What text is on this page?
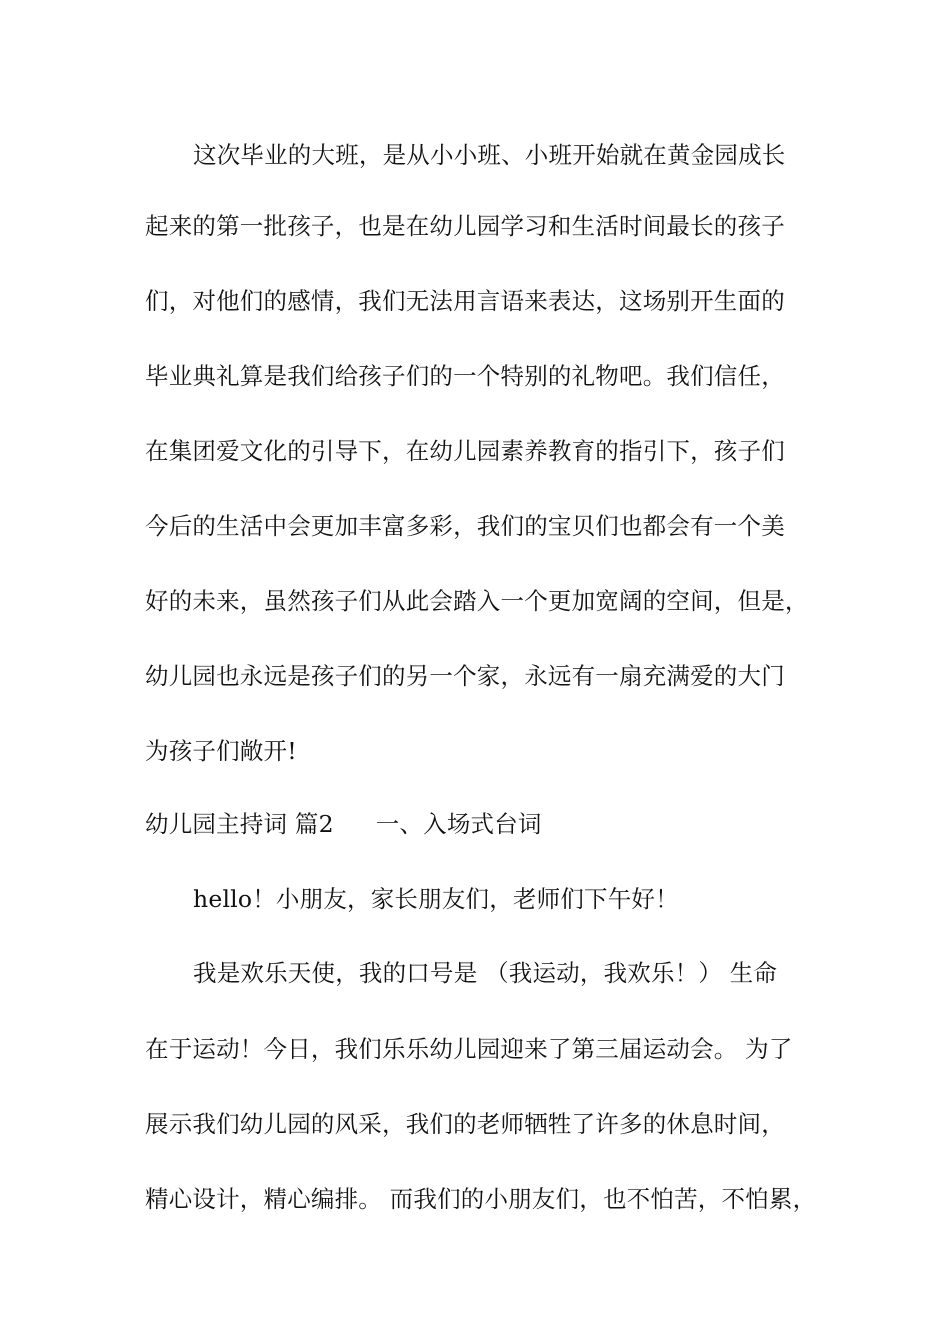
这次毕业的大班，是从小小班、小班开始就在黄金园成长
起来的第一批孩子，也是在幼儿园学习和生活时间最长的孩子
们，对他们的感情，我们无法用言语来表达，这场别开生面的
毕业典礼算是我们给孩子们的一个特别的礼物吧。我们信任，
在集团爱文化的引导下，在幼儿园素养教育的指引下，孩子们
今后的生活中会更加丰富多彩，我们的宝贝们也都会有一个美
好的未来，虽然孩子们从此会踏入一个更加宽阔的空间，但是，
幼儿园也永远是孩子们的另一个家，永远有一扇充满爱的大门
为孩子们敞开!
幼儿园主持词 篇2 一、入场式台词
hello！小朋友，家长朋友们，老师们下午好！
我是欢乐天使，我的口号是 （我运动，我欢乐！） 生命
在于运动！今日，我们乐乐幼儿园迎来了第三届运动会。 为了
展示我们幼儿园的风采，我们的老师牺牲了许多的休息时间，
精心设计，精心编排。 而我们的小朋友们，也不怕苦，不怕累，
